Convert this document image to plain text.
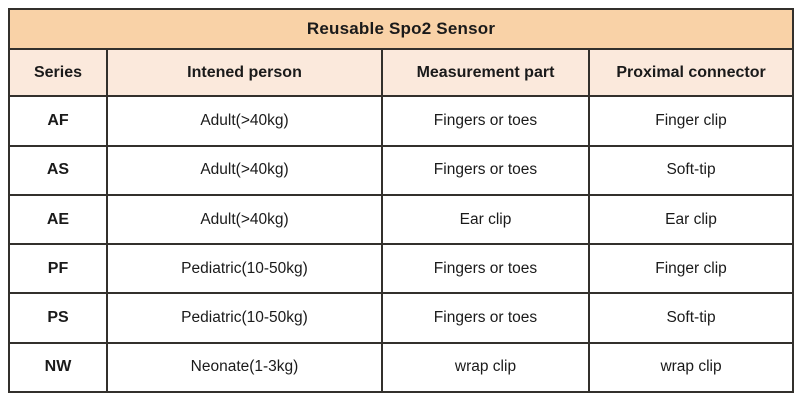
Reusable Spo2 Sensor			
Series	Intened person	Measurement part	Proximal connector
AF	Adult(>40kg)	Fingers or toes	Finger clip
AS	Adult(>40kg)	Fingers or toes	Soft-tip
AE	Adult(>40kg)	Ear clip	Ear clip
PF	Pediatric(10-50kg)	Fingers or toes	Finger clip
PS	Pediatric(10-50kg)	Fingers or toes	Soft-tip
NW	Neonate(1-3kg)	wrap clip	wrap clip
